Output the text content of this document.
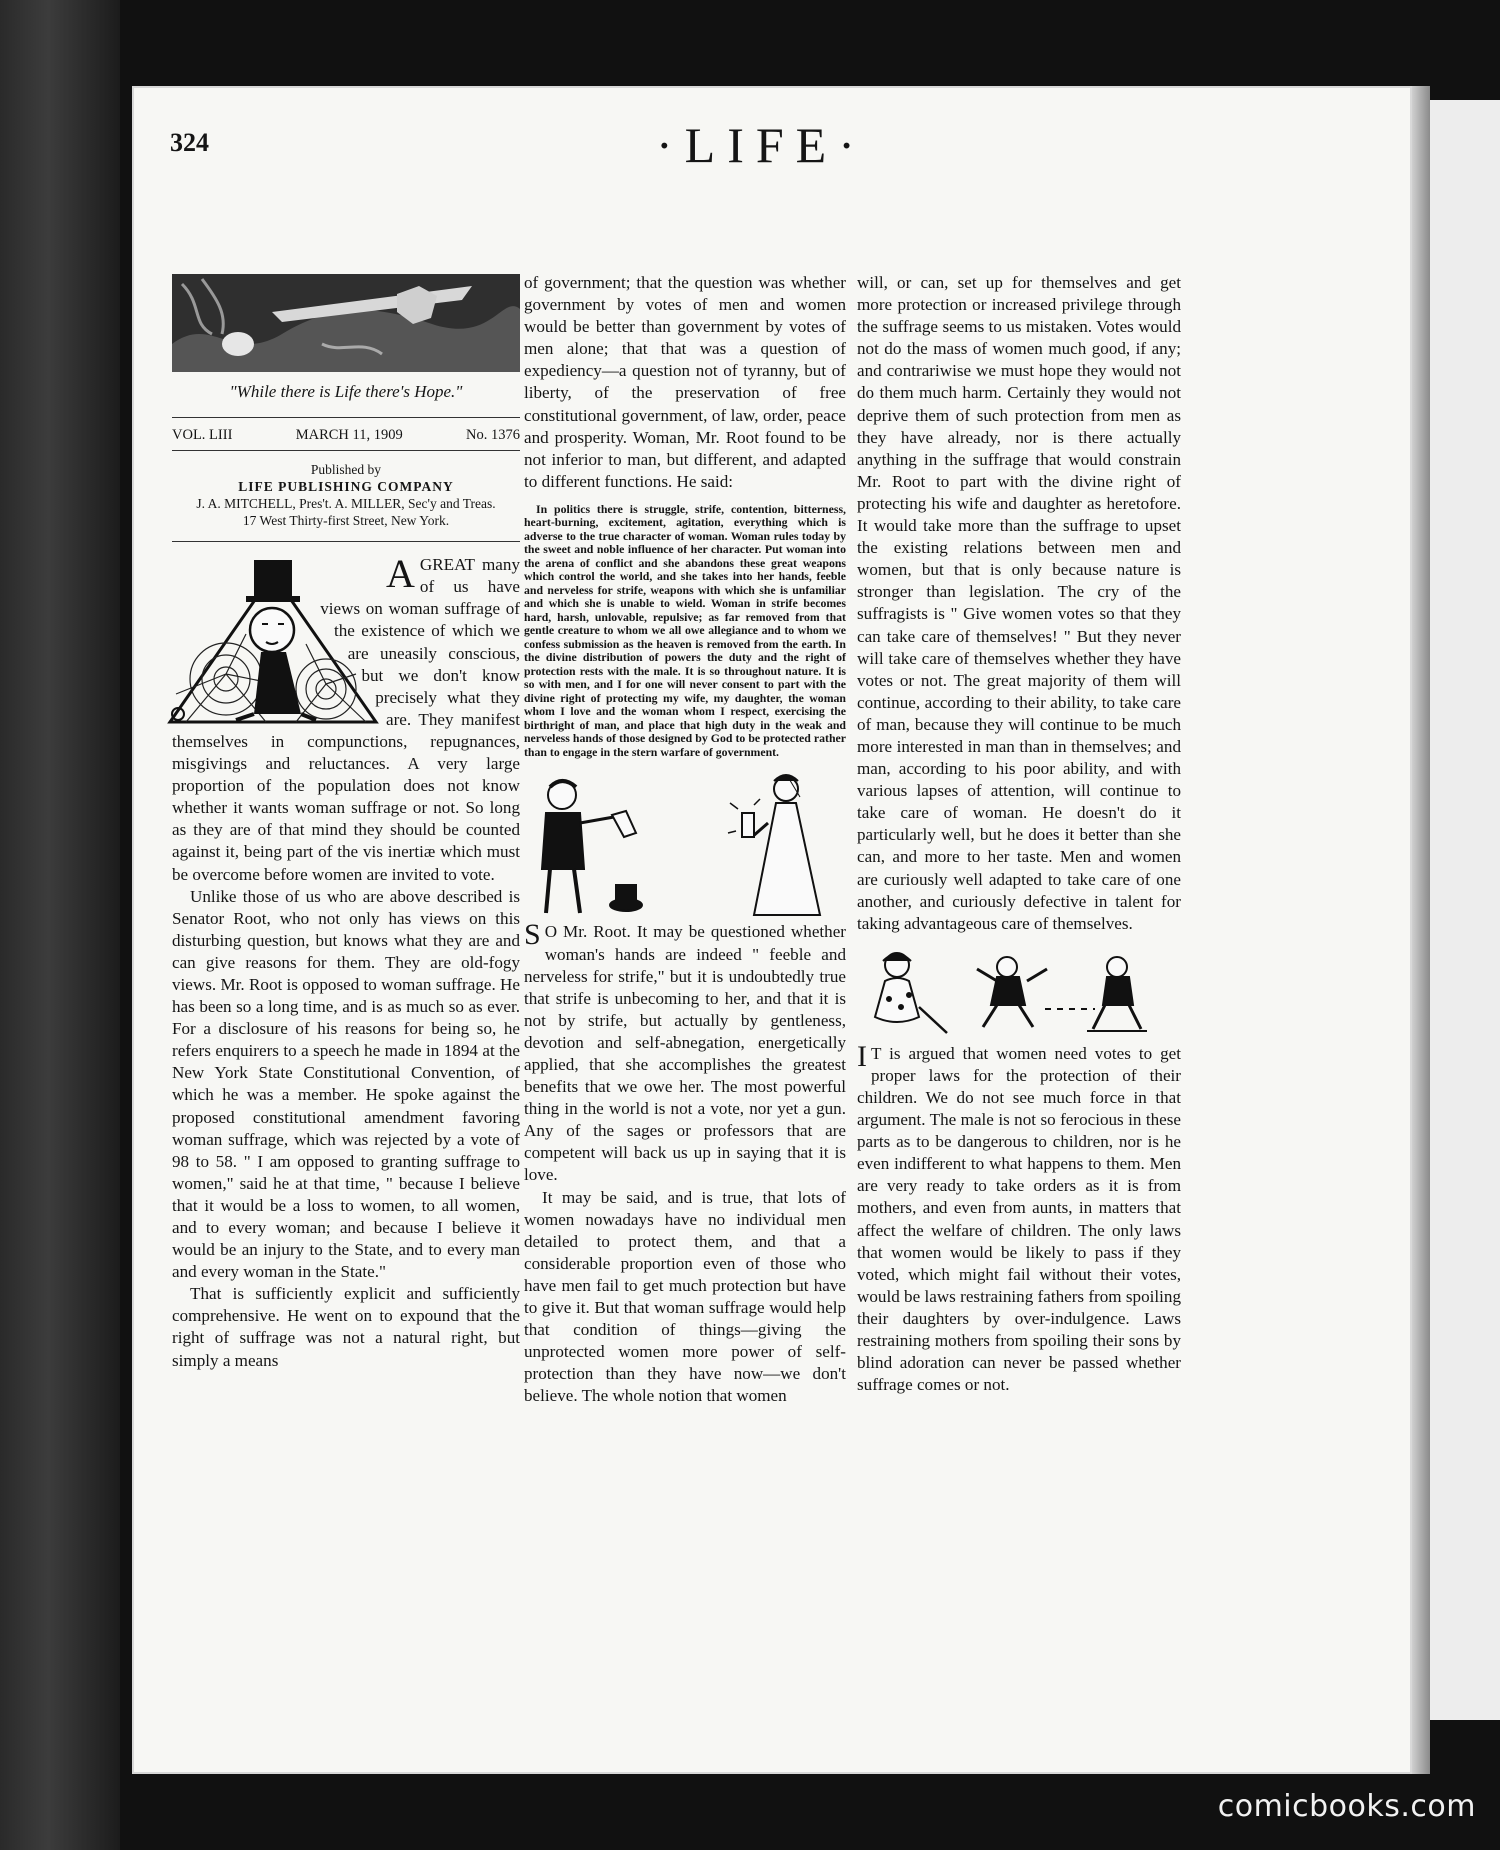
324	·LIFE·
"While there is Life there's Hope."
VOL. LIII	MARCH 11, 1909	No. 1376
Published by
LIFE PUBLISHING COMPANY
J. A. MITCHELL, Pres't. A. MILLER, Sec'y and Treas.
17 West Thirty-first Street, New York.

AGREAT many of us have views on woman suffrage of the existence of which we are uneasily conscious, but we don't know precisely what they are. They manifest themselves in compunctions, repugnances, misgivings and reluctances. A very large proportion of the population does not know whether it wants woman suffrage or not. So long as they are of that mind they should be counted against it, being part of the vis inertiæ which must be overcome before women are invited to vote.

Unlike those of us who are above described is Senator Root, who not only has views on this disturbing question, but knows what they are and can give reasons for them. They are old-fogy views. Mr. Root is opposed to woman suffrage. He has been so a long time, and is as much so as ever. For a disclosure of his reasons for being so, he refers enquirers to a speech he made in 1894 at the New York State Constitutional Convention, of which he was a member. He spoke against the proposed constitutional amendment favoring woman suffrage, which was rejected by a vote of 98 to 58. " I am opposed to granting suffrage to women," said he at that time, " because I believe that it would be a loss to women, to all women, and to every woman; and because I believe it would be an injury to the State, and to every man and every woman in the State."

That is sufficiently explicit and sufficiently comprehensive. He went on to expound that the right of suffrage was not a natural right, but simply a means

of government; that the question was whether government by votes of men and women would be better than government by votes of men alone; that that was a question of expediency—a question not of tyranny, but of liberty, of the preservation of free constitutional government, of law, order, peace and prosperity. Woman, Mr. Root found to be not inferior to man, but different, and adapted to different functions. He said:

In politics there is struggle, strife, contention, bitterness, heart-burning, excitement, agitation, everything which is adverse to the true character of woman. Woman rules today by the sweet and noble influence of her character. Put woman into the arena of conflict and she abandons these great weapons which control the world, and she takes into her hands, feeble and nerveless for strife, weapons with which she is unfamiliar and which she is unable to wield. Woman in strife becomes hard, harsh, unlovable, repulsive; as far removed from that gentle creature to whom we all owe allegiance and to whom we confess submission as the heaven is removed from the earth. In the divine distribution of powers the duty and the right of protection rests with the male. It is so throughout nature. It is so with men, and I for one will never consent to part with the divine right of protecting my wife, my daughter, the woman whom I love and the woman whom I respect, exercising the birthright of man, and place that high duty in the weak and nerveless hands of those designed by God to be protected rather than to engage in the stern warfare of government.

S O Mr. Root. It may be questioned whether woman's hands are indeed " feeble and nerveless for strife," but it is undoubtedly true that strife is unbecoming to her, and that it is not by strife, but actually by gentleness, devotion and self-abnegation, energetically applied, that she accomplishes the greatest benefits that we owe her. The most powerful thing in the world is not a vote, nor yet a gun. Any of the sages or professors that are competent will back us up in saying that it is love.

It may be said, and is true, that lots of women nowadays have no individual men detailed to protect them, and that a considerable proportion even of those who have men fail to get much protection but have to give it. But that woman suffrage would help that condition of things—giving the unprotected women more power of self-protection than they have now—we don't believe. The whole notion that women

will, or can, set up for themselves and get more protection or increased privilege through the suffrage seems to us mistaken. Votes would not do the mass of women much good, if any; and contrariwise we must hope they would not do them much harm. Certainly they would not deprive them of such protection from men as they have already, nor is there actually anything in the suffrage that would constrain Mr. Root to part with the divine right of protecting his wife and daughter as heretofore. It would take more than the suffrage to upset the existing relations between men and women, but that is only because nature is stronger than legislation. The cry of the suffragists is " Give women votes so that they can take care of themselves! " But they never will take care of themselves whether they have votes or not. The great majority of them will continue, according to their ability, to take care of man, because they will continue to be much more interested in man than in themselves; and man, according to his poor ability, and with various lapses of attention, will continue to take care of woman. He doesn't do it particularly well, but he does it better than she can, and more to her taste. Men and women are curiously well adapted to take care of one another, and curiously defective in talent for taking advantageous care of themselves.

I T is argued that women need votes to get proper laws for the protection of their children. We do not see much force in that argument. The male is not so ferocious in these parts as to be dangerous to children, nor is he even indifferent to what happens to them. Men are very ready to take orders as it is from mothers, and even from aunts, in matters that affect the welfare of children. The only laws that women would be likely to pass if they voted, which might fail without their votes, would be laws restraining fathers from spoiling their daughters by over-indulgence. Laws restraining mothers from spoiling their sons by blind adoration can never be passed whether suffrage comes or not.

comicbooks.com
